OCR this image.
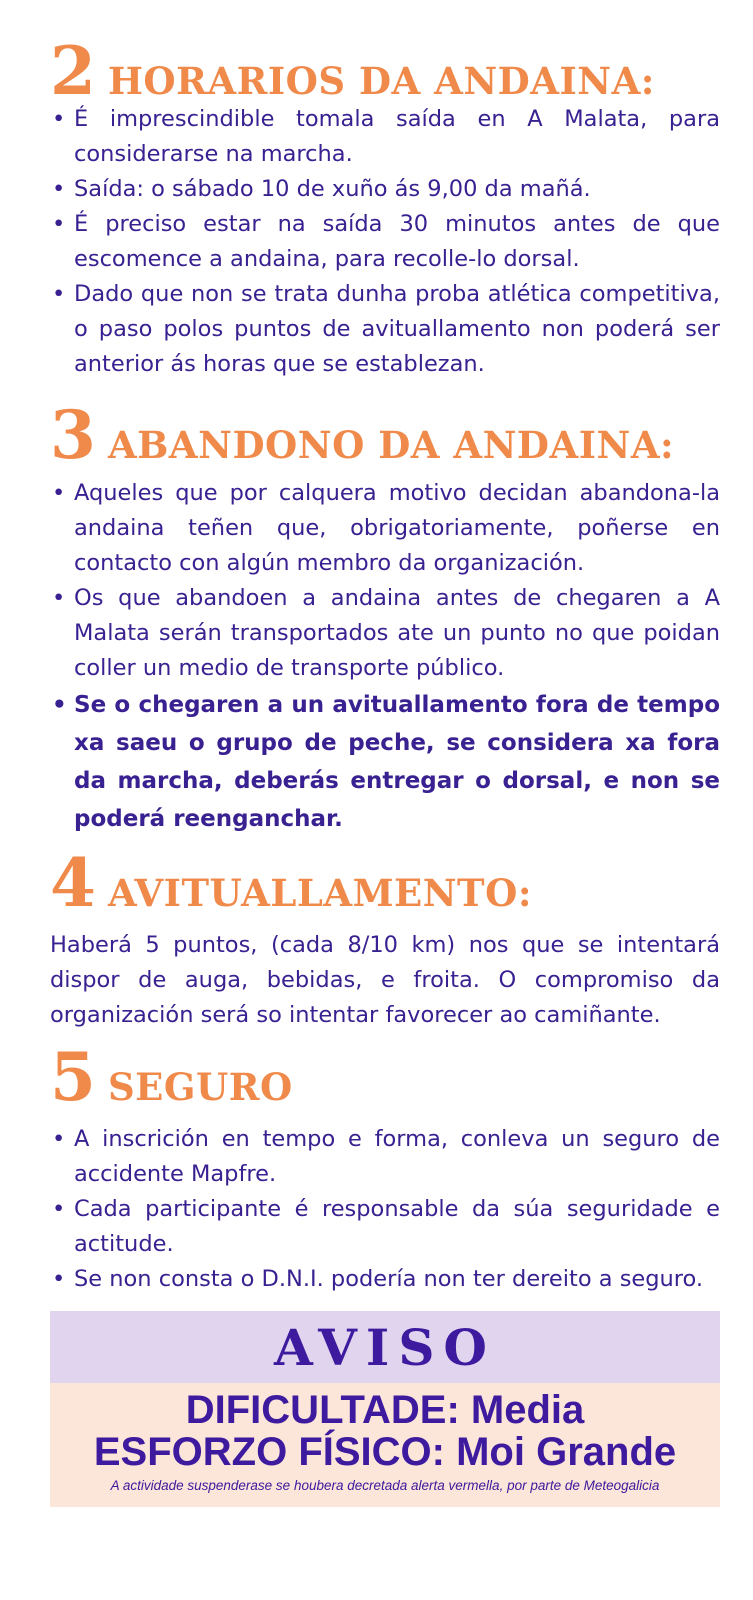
2 HORARIOS DA ANDAINA:
• É imprescindible tomala saída en A Malata, para considerarse na marcha.
• Saída: o sábado 10 de xuño ás 9,00 da mañá.
• É preciso estar na saída 30 minutos antes de que escomence a andaina, para recolle-lo dorsal.
• Dado que non se trata dunha proba atlética competitiva, o paso polos puntos de avituallamento non poderá ser anterior ás horas que se establezan.
3 ABANDONO DA ANDAINA:
• Aqueles que por calquera motivo decidan abandona-la andaina teñen que, obrigatoriamente, poñerse en contacto con algún membro da organización.
• Os que abandoen a andaina antes de chegaren a A Malata serán transportados ate un punto no que poidan coller un medio de transporte público.
• Se o chegaren a un avituallamento fora de tempo xa saeu o grupo de peche, se considera xa fora da marcha, deberás entregar o dorsal, e non se poderá reenganchar.
4 AVITUALLAMENTO:

Haberá 5 puntos, (cada 8/10 km) nos que se intentará dispor de auga, bebidas, e froita. O compromiso da organización será so intentar favorecer ao camiñante.

5 SEGURO
• A inscrición en tempo e forma, conleva un seguro de accidente Mapfre.
• Cada participante é responsable da súa seguridade e actitude.
• Se non consta o D.N.I. podería non ter dereito a seguro.
AVISO
DIFICULTADE: Media
ESFORZO FÍSICO: Moi Grande
A actividade suspenderase se houbera decretada alerta vermella, por parte de Meteogalicia
